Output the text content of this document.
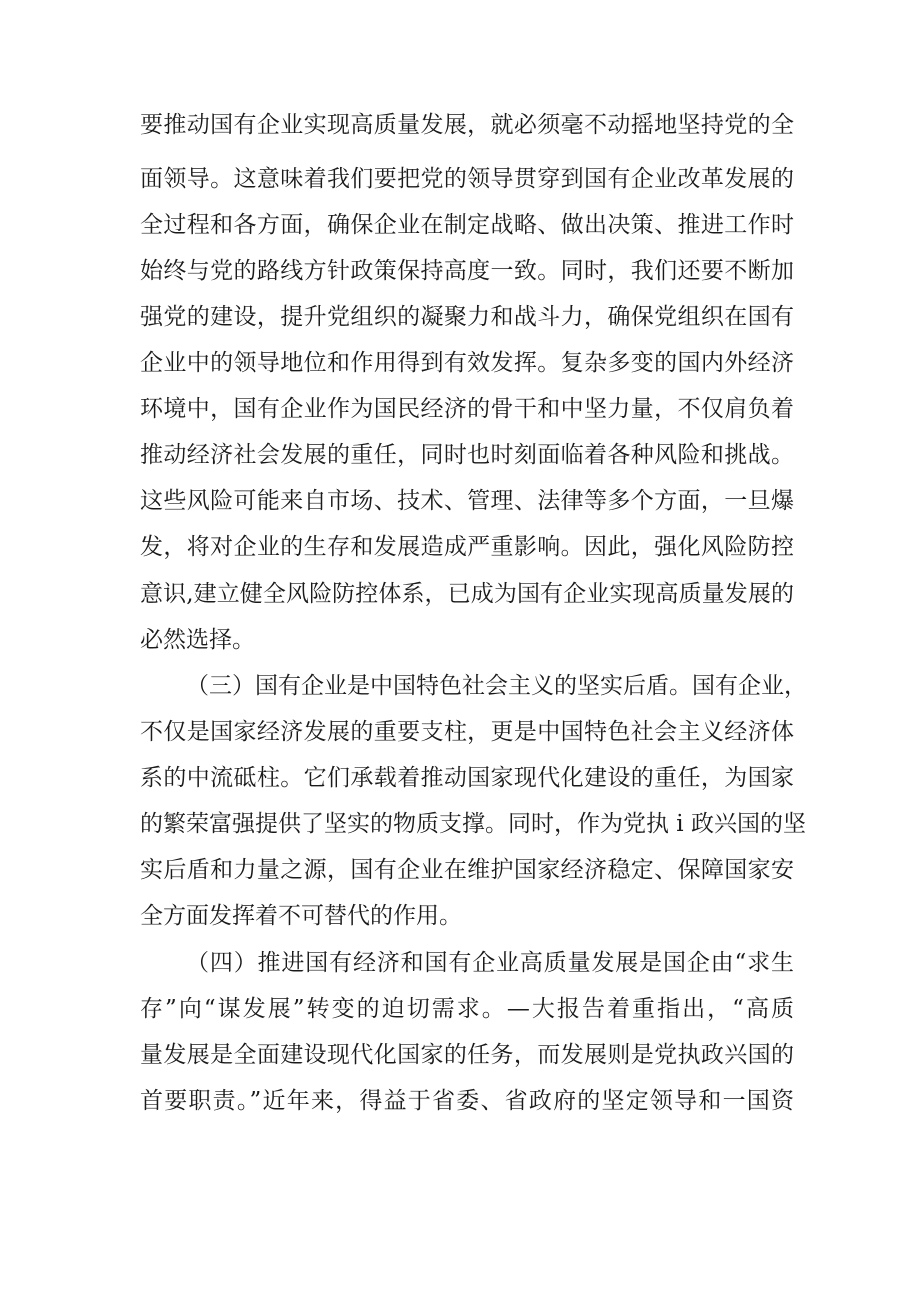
要推动国有企业实现高质量发展，就必须毫不动摇地坚持党的全
面领导。这意味着我们要把党的领导贯穿到国有企业改革发展的
全过程和各方面，确保企业在制定战略、做出决策、推进工作时
始终与党的路线方针政策保持高度一致。同时，我们还要不断加
强党的建设，提升党组织的凝聚力和战斗力，确保党组织在国有
企业中的领导地位和作用得到有效发挥。复杂多变的国内外经济
环境中，国有企业作为国民经济的骨干和中坚力量，不仅肩负着
推动经济社会发展的重任，同时也时刻面临着各种风险和挑战。
这些风险可能来自市场、技术、管理、法律等多个方面，一旦爆
发，将对企业的生存和发展造成严重影响。因此，强化风险防控
意识,建立健全风险防控体系，已成为国有企业实现高质量发展的
必然选择。
（三）国有企业是中国特色社会主义的坚实后盾。国有企业，
不仅是国家经济发展的重要支柱，更是中国特色社会主义经济体
系的中流砥柱。它们承载着推动国家现代化建设的重任，为国家
的繁荣富强提供了坚实的物质支撑。同时，作为党执 i 政兴国的坚
实后盾和力量之源，国有企业在维护国家经济稳定、保障国家安
全方面发挥着不可替代的作用。
（四）推进国有经济和国有企业高质量发展是国企由“求生
存”向“谋发展”转变的迫切需求。—大报告着重指出，“高质
量发展是全面建设现代化国家的任务，而发展则是党执政兴国的
首要职责。”近年来，得益于省委、省政府的坚定领导和一国资
